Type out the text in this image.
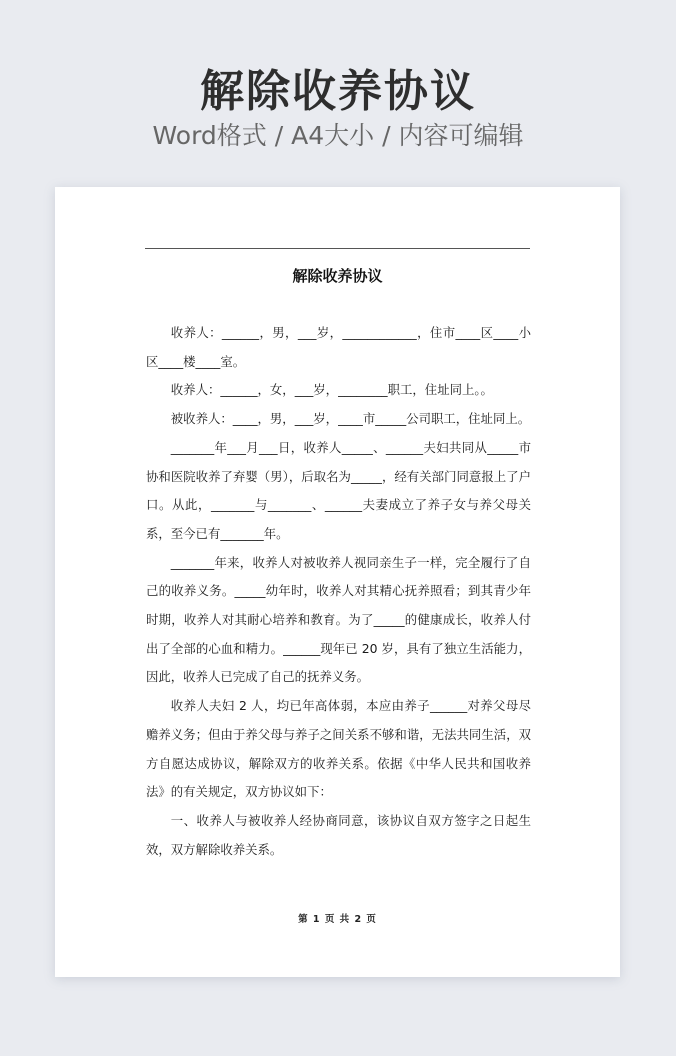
解除收养协议
Word格式 / A4大小 / 内容可编辑
解除收养协议

收养人：______，男，___岁，____________，住市____区____小区____楼____室。

收养人：______，女，___岁，________职工，住址同上。。

被收养人：____，男，___岁，____市_____公司职工，住址同上。

_______年___月___日，收养人_____、______夫妇共同从_____市协和医院收养了弃婴（男），后取名为_____，经有关部门同意报上了户口。从此，_______与_______、______夫妻成立了养子女与养父母关系，至今已有_______年。

_______年来，收养人对被收养人视同亲生子一样，完全履行了自己的收养义务。_____幼年时，收养人对其精心抚养照看；到其青少年时期，收养人对其耐心培养和教育。为了_____的健康成长，收养人付出了全部的心血和精力。______现年已 20 岁，具有了独立生活能力，因此，收养人已完成了自己的抚养义务。

收养人夫妇 2 人，均已年高体弱，本应由养子______对养父母尽赡养义务；但由于养父母与养子之间关系不够和谐，无法共同生活，双方自愿达成协议，解除双方的收养关系。依据《中华人民共和国收养法》的有关规定，双方协议如下：

一、收养人与被收养人经协商同意，该协议自双方签字之日起生效，双方解除收养关系。

第 1 页 共 2 页
